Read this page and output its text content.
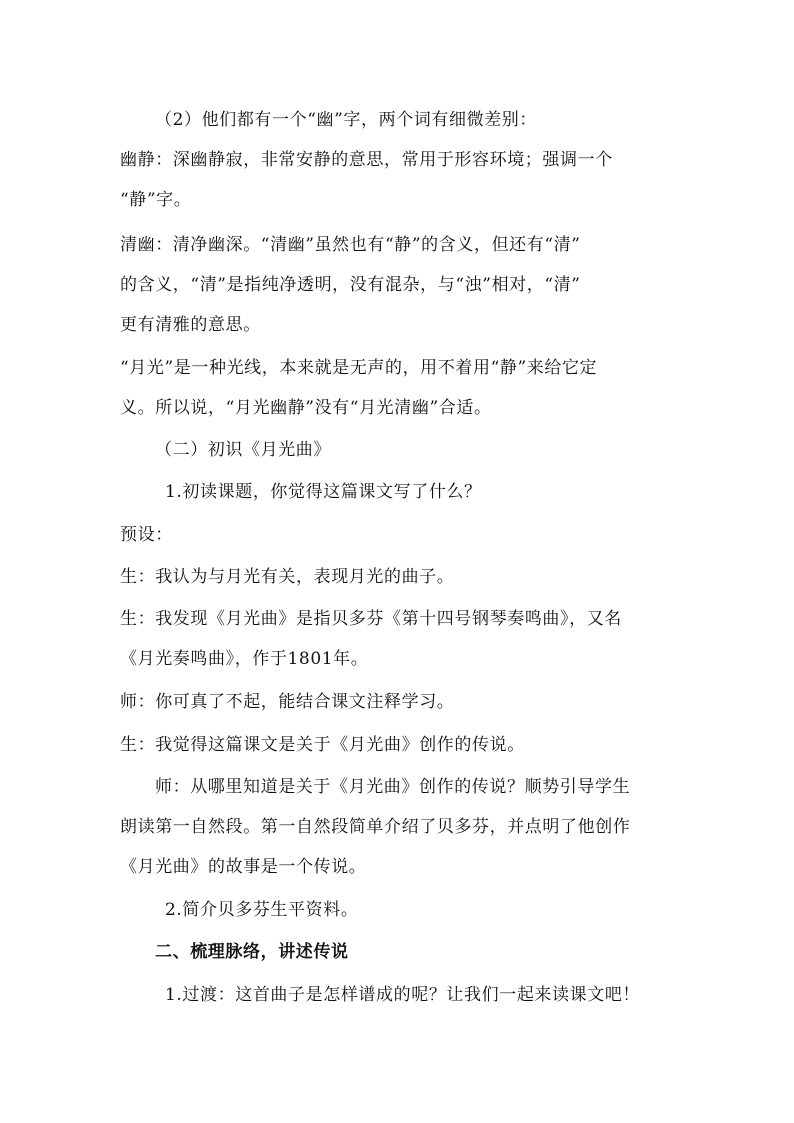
（2）他们都有一个“幽”字，两个词有细微差别：
幽静：深幽静寂，非常安静的意思，常用于形容环境；强调一个
“静”字。
清幽：清净幽深。“清幽”虽然也有“静”的含义，但还有“清”
的含义，“清”是指纯净透明，没有混杂，与“浊”相对，“清”
更有清雅的意思。
“月光”是一种光线，本来就是无声的，用不着用“静”来给它定
义。所以说，“月光幽静”没有“月光清幽”合适。
（二）初识《月光曲》
1.初读课题，你觉得这篇课文写了什么？
预设：
生：我认为与月光有关，表现月光的曲子。
生：我发现《月光曲》是指贝多芬《第十四号钢琴奏鸣曲》，又名
《月光奏鸣曲》，作于1801年。
师：你可真了不起，能结合课文注释学习。
生：我觉得这篇课文是关于《月光曲》创作的传说。
师：从哪里知道是关于《月光曲》创作的传说？顺势引导学生
朗读第一自然段。第一自然段简单介绍了贝多芬，并点明了他创作
《月光曲》的故事是一个传说。
2.简介贝多芬生平资料。
二、梳理脉络，讲述传说
1.过渡：这首曲子是怎样谱成的呢？让我们一起来读课文吧！
